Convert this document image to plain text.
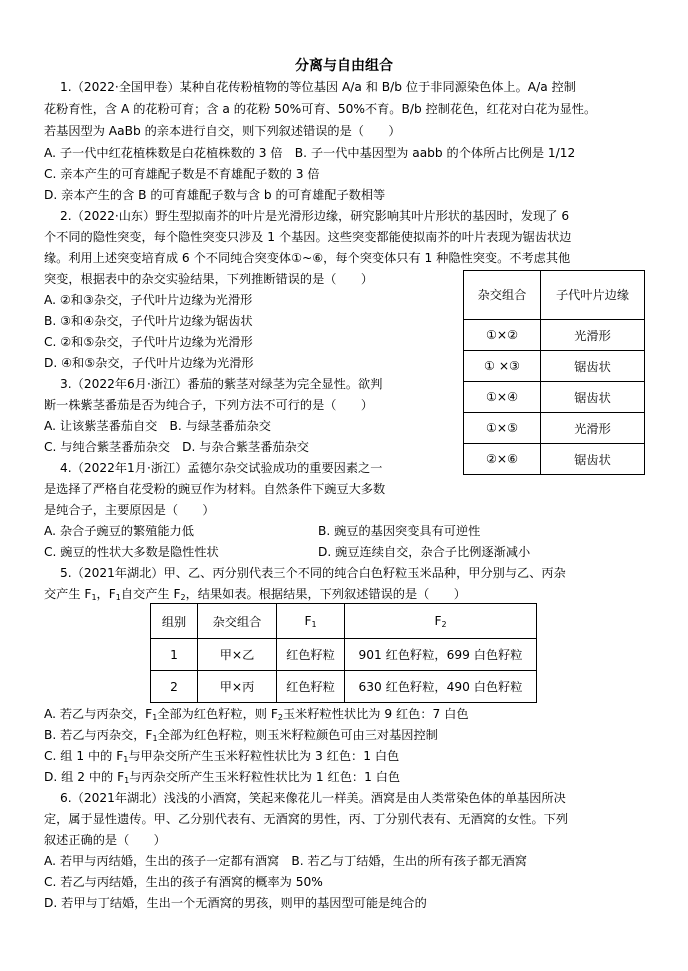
分离与自由组合
1.（2022·全国甲卷）某种自花传粉植物的等位基因 A/a 和 B/b 位于非同源染色体上。A/a 控制
花粉育性，含 A 的花粉可育；含 a 的花粉 50%可育、50%不育。B/b 控制花色，红花对白花为显性。
若基因型为 AaBb 的亲本进行自交，则下列叙述错误的是（　　）
A. 子一代中红花植株数是白花植株数的 3 倍　B. 子一代中基因型为 aabb 的个体所占比例是 1/12
C. 亲本产生的可育雄配子数是不育雄配子数的 3 倍
D. 亲本产生的含 B 的可育雄配子数与含 b 的可育雄配子数相等
2.（2022·山东）野生型拟南芥的叶片是光滑形边缘，研究影响其叶片形状的基因时，发现了 6
个不同的隐性突变，每个隐性突变只涉及 1 个基因。这些突变都能使拟南芥的叶片表现为锯齿状边
缘。利用上述突变培育成 6 个不同纯合突变体①~⑥，每个突变体只有 1 种隐性突变。不考虑其他
突变，根据表中的杂交实验结果，下列推断错误的是（　　）
A. ②和③杂交，子代叶片边缘为光滑形
B. ③和④杂交，子代叶片边缘为锯齿状
C. ②和⑤杂交，子代叶片边缘为光滑形
D. ④和⑤杂交，子代叶片边缘为光滑形
杂交组合	子代叶片边缘
①×②	光滑形
① ×③	锯齿状
①×④	锯齿状
①×⑤	光滑形
②×⑥	锯齿状
3.（2022年6月·浙江）番茄的紫茎对绿茎为完全显性。欲判
断一株紫茎番茄是否为纯合子，下列方法不可行的是（　　）
A. 让该紫茎番茄自交　B. 与绿茎番茄杂交
C. 与纯合紫茎番茄杂交　D. 与杂合紫茎番茄杂交
4.（2022年1月·浙江）孟德尔杂交试验成功的重要因素之一
是选择了严格自花受粉的豌豆作为材料。自然条件下豌豆大多数
是纯合子，主要原因是（　　）
A. 杂合子豌豆的繁殖能力低	B. 豌豆的基因突变具有可逆性
C. 豌豆的性状大多数是隐性性状	D. 豌豆连续自交，杂合子比例逐渐减小
5.（2021年湖北）甲、乙、丙分别代表三个不同的纯合白色籽粒玉米品种，甲分别与乙、丙杂
交产生 $F_1$，$F_1$自交产生 $F_2$，结果如表。根据结果，下列叙述错误的是（　　）
组别	杂交组合	$F_1$	$F_2$
1	甲×乙	红色籽粒	901 红色籽粒，699 白色籽粒
2	甲×丙	红色籽粒	630 红色籽粒，490 白色籽粒
A. 若乙与丙杂交，$F_1$全部为红色籽粒，则 $F_2$玉米籽粒性状比为 9 红色：7 白色
B. 若乙与丙杂交，$F_1$全部为红色籽粒，则玉米籽粒颜色可由三对基因控制
C. 组 1 中的 $F_1$与甲杂交所产生玉米籽粒性状比为 3 红色：1 白色
D. 组 2 中的 $F_1$与丙杂交所产生玉米籽粒性状比为 1 红色：1 白色
6.（2021年湖北）浅浅的小酒窝，笑起来像花儿一样美。酒窝是由人类常染色体的单基因所决
定，属于显性遗传。甲、乙分别代表有、无酒窝的男性，丙、丁分别代表有、无酒窝的女性。下列
叙述正确的是（　　）
A. 若甲与丙结婚，生出的孩子一定都有酒窝　B. 若乙与丁结婚，生出的所有孩子都无酒窝
C. 若乙与丙结婚，生出的孩子有酒窝的概率为 50%
D. 若甲与丁结婚，生出一个无酒窝的男孩，则甲的基因型可能是纯合的
